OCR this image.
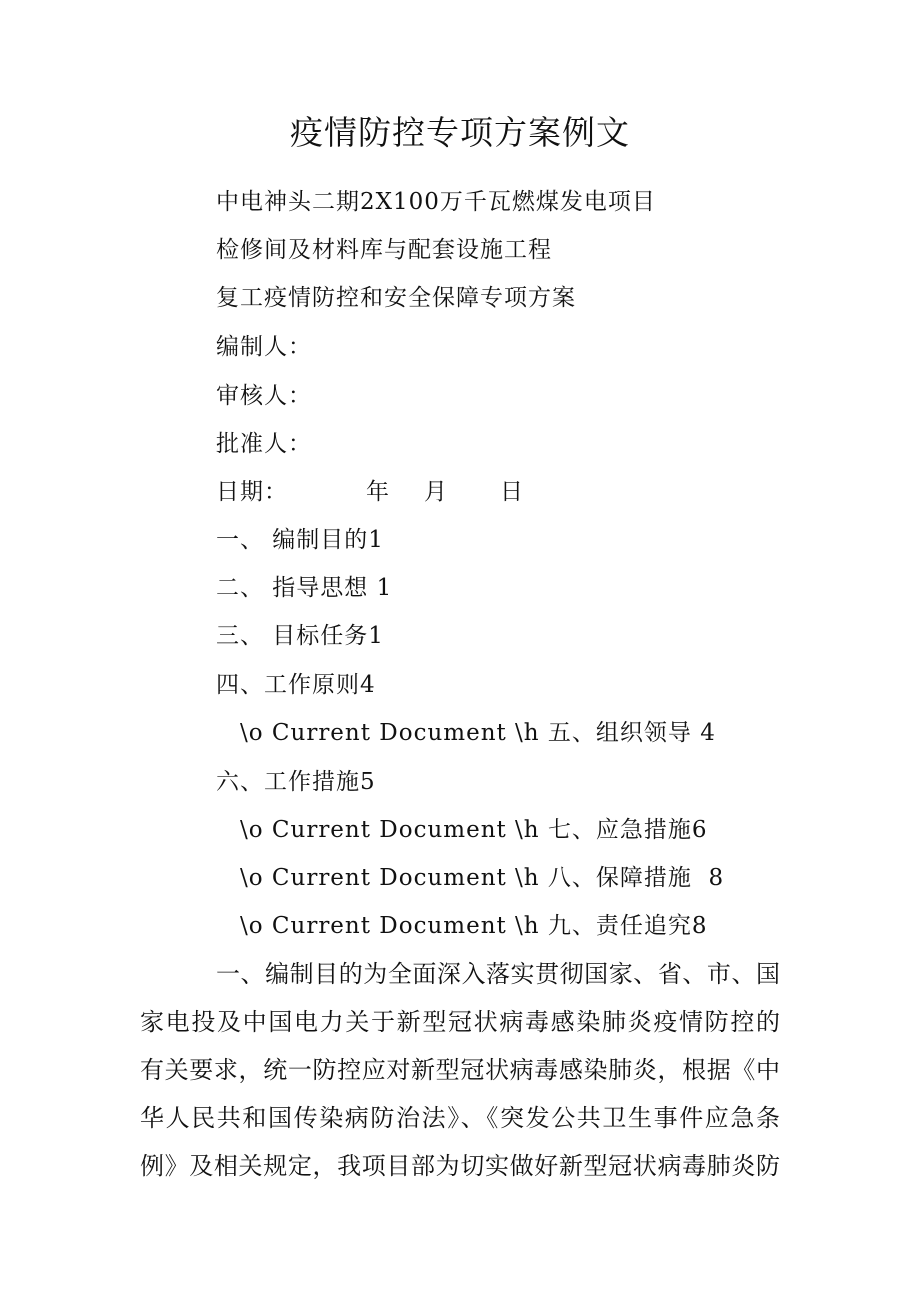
疫情防控专项方案例文
中电神头二期2X100万千瓦燃煤发电项目
检修间及材料库与配套设施工程
复工疫情防控和安全保障专项方案
编制人：
审核人：
批准人：
日期：	年 月 日
一、 编制目的1
二、 指导思想 1
三、 目标任务1
四、工作原则4
\o Current Document \h 五、组织领导 4
六、工作措施5
\o Current Document \h 七、应急措施6
\o Current Document \h 八、保障措施  8
\o Current Document \h 九、责任追究8
一、编制目的为全面深入落实贯彻国家、省、市、国
家电投及中国电力关于新型冠状病毒感染肺炎疫情防控的
有关要求，统一防控应对新型冠状病毒感染肺炎，根据《中
华人民共和国传染病防治法》、《突发公共卫生事件应急条
例》及相关规定，我项目部为切实做好新型冠状病毒肺炎防
